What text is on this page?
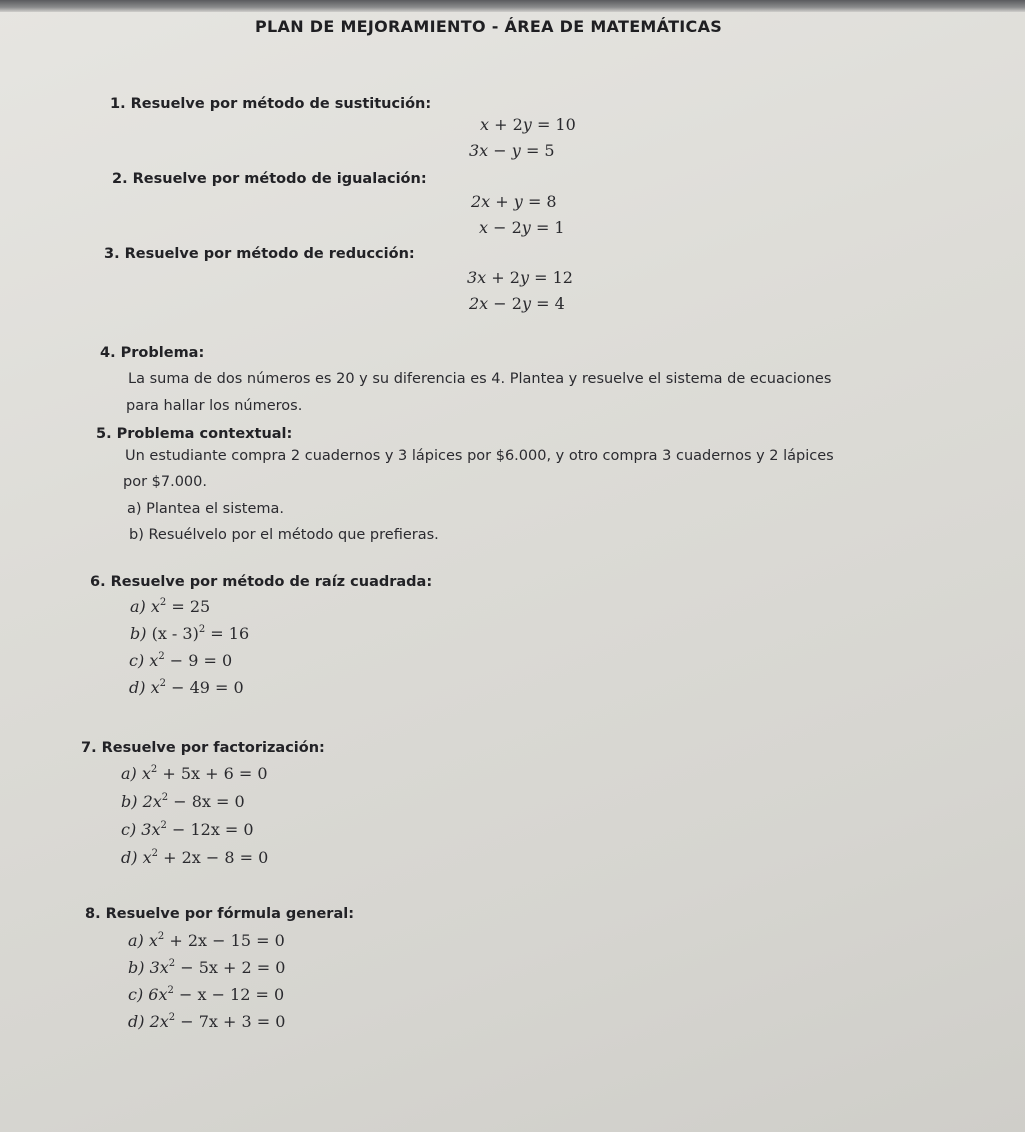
PLAN DE MEJORAMIENTO - ÁREA DE MATEMÁTICAS
1. Resuelve por método de sustitución:
x + 2y = 10
3x − y = 5
2. Resuelve por método de igualación:
2x + y = 8
x − 2y = 1
3. Resuelve por método de reducción:
3x + 2y = 12
2x − 2y = 4
4. Problema:
La suma de dos números es 20 y su diferencia es 4. Plantea y resuelve el sistema de ecuaciones
para hallar los números.
5. Problema contextual:
Un estudiante compra 2 cuadernos y 3 lápices por $6.000, y otro compra 3 cuadernos y 2 lápices
por $7.000.
a) Plantea el sistema.
b) Resuélvelo por el método que prefieras.
6. Resuelve por método de raíz cuadrada:
a) $x^2 = 25$
b) (x - 3)$^2$ = 16
c) $x^2 - 9 = 0$
d) $x^2 - 49 = 0$
7. Resuelve por factorización:
a) $x^2 + 5x + 6 = 0$
b) $2x^2 - 8x = 0$
c) $3x^2 - 12x = 0$
d) $x^2 + 2x - 8 = 0$
8. Resuelve por fórmula general:
a) $x^2 + 2x - 15 = 0$
b) $3x^2 - 5x + 2 = 0$
c) $6x^2 - x - 12 = 0$
d) $2x^2 - 7x + 3 = 0$
